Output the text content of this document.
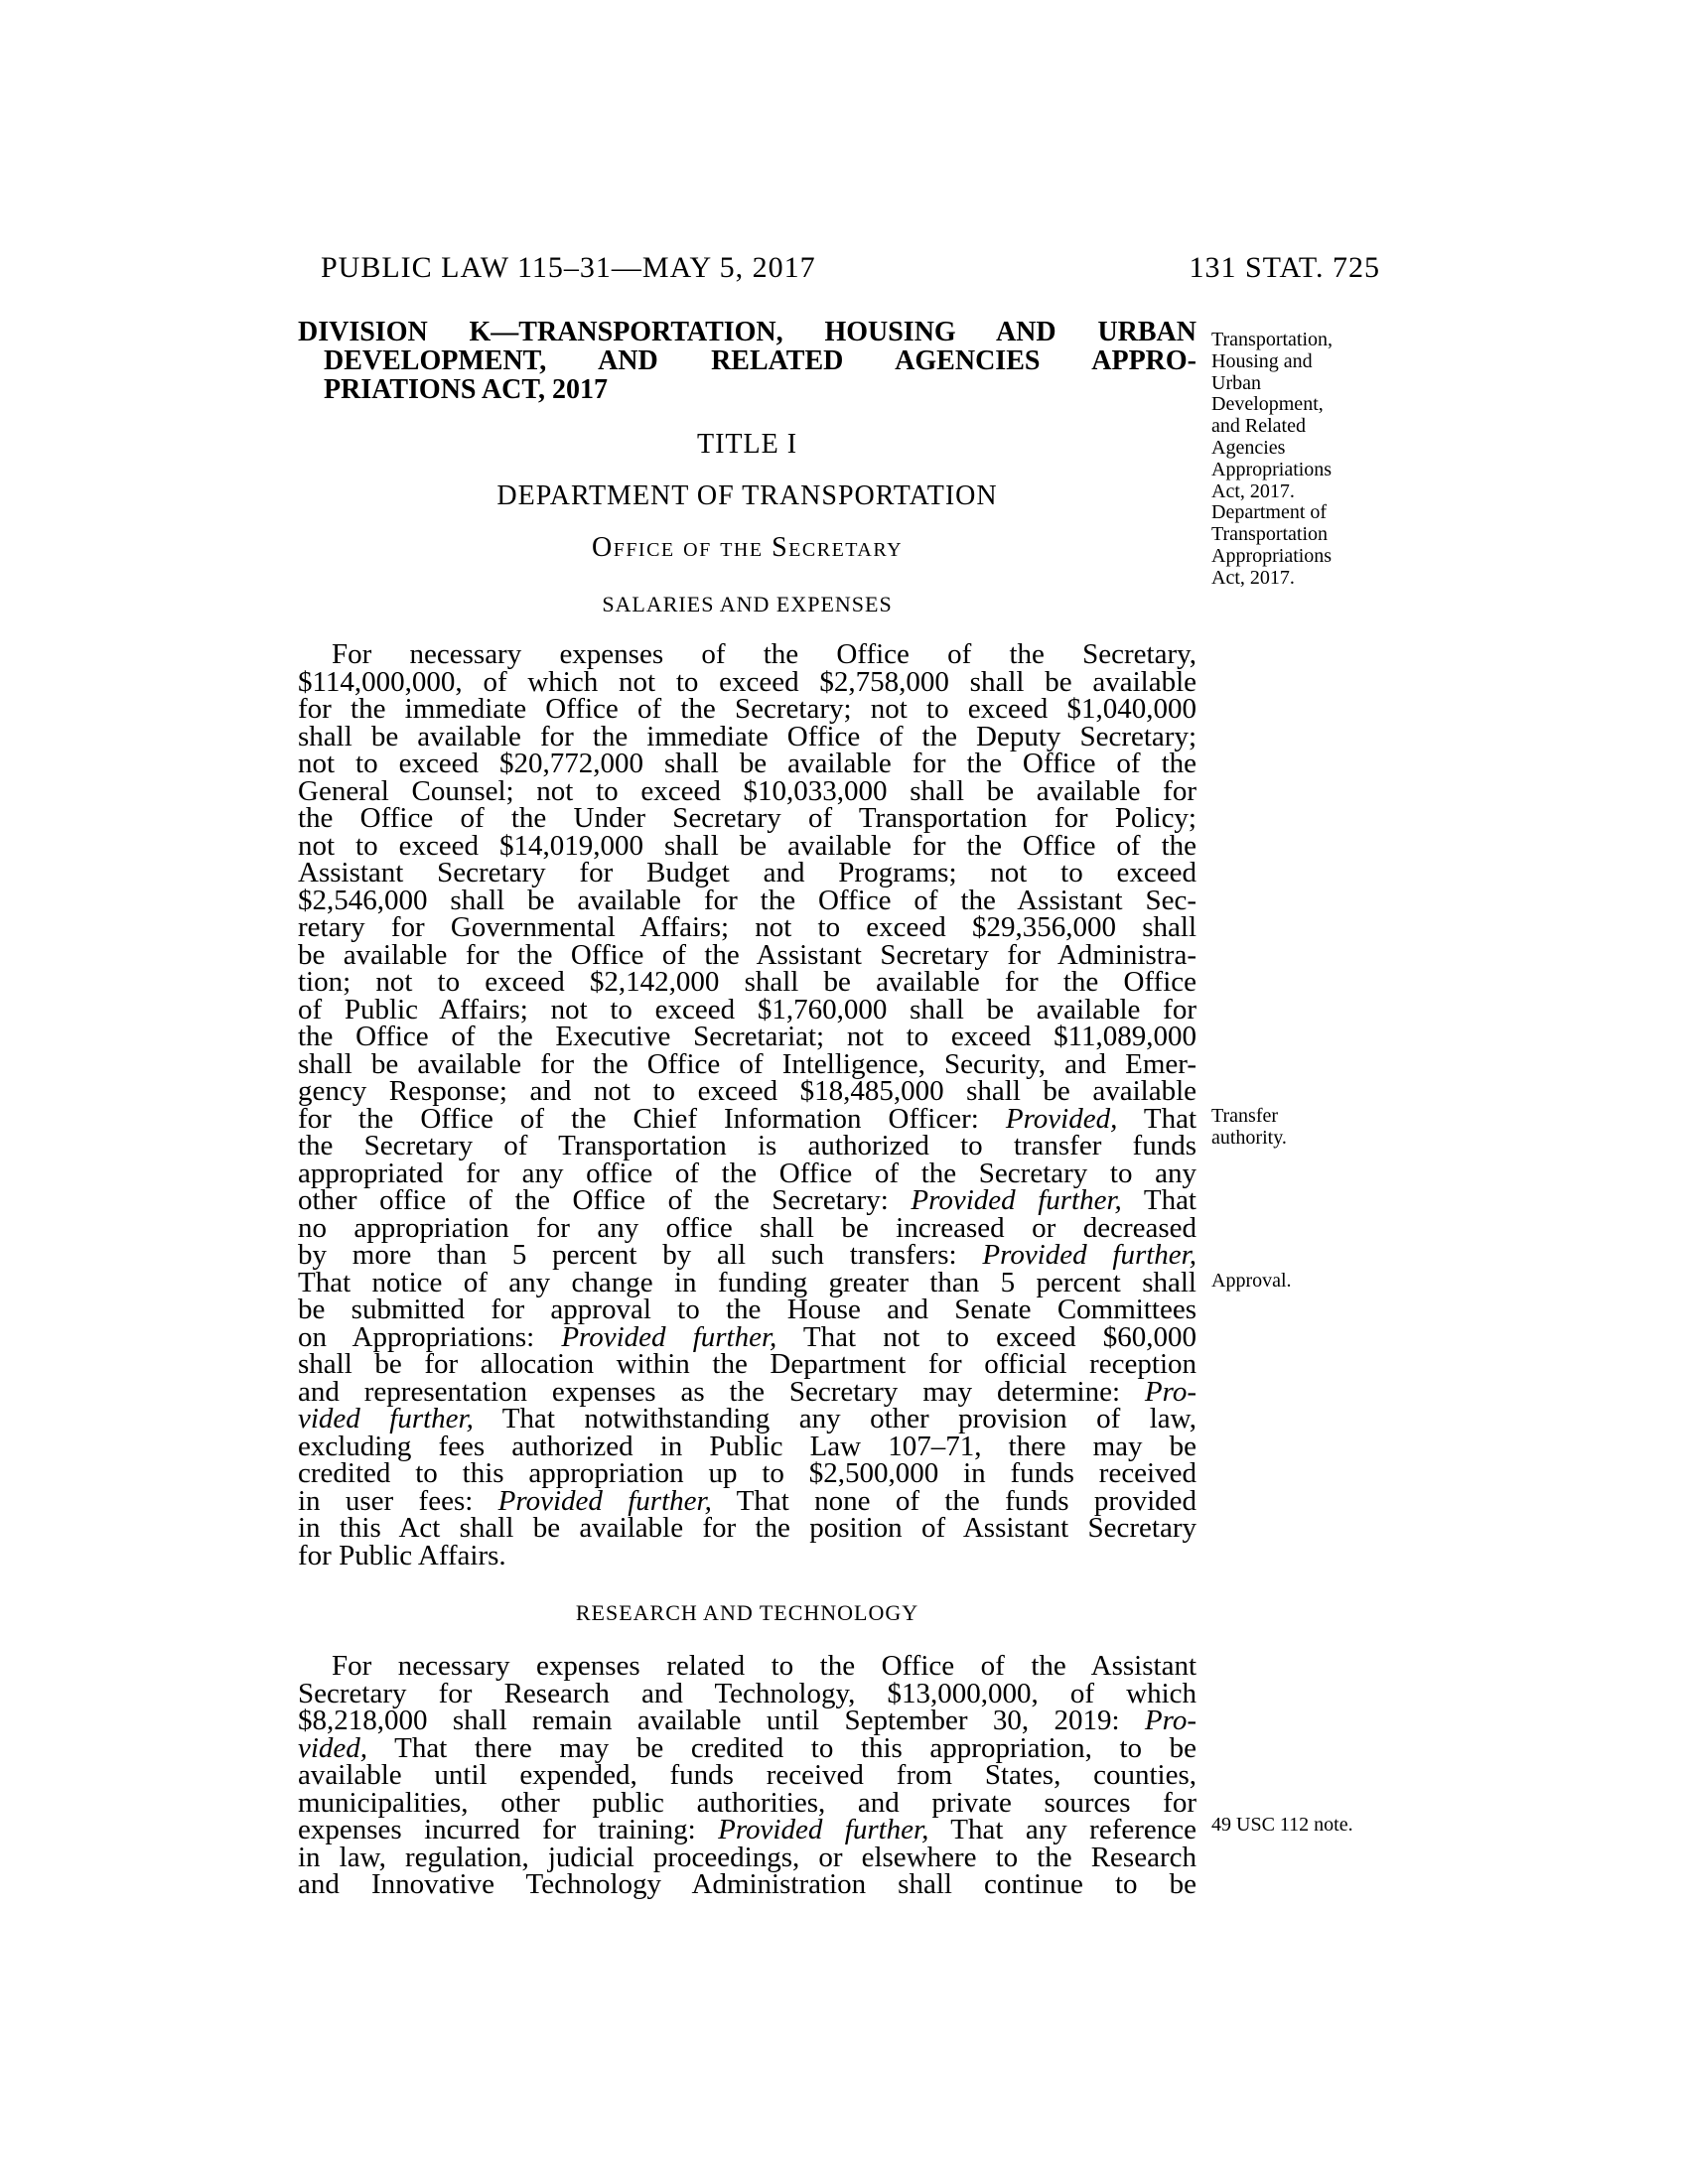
PUBLIC LAW 115–31—MAY 5, 2017	131 STAT. 725
DIVISION K—TRANSPORTATION, HOUSING AND URBAN
DEVELOPMENT, AND RELATED AGENCIES APPRO-
PRIATIONS ACT, 2017
TITLE I
DEPARTMENT OF TRANSPORTATION
Office of the Secretary
SALARIES AND EXPENSES
For necessary expenses of the Office of the Secretary,
$114,000,000, of which not to exceed $2,758,000 shall be available
for the immediate Office of the Secretary; not to exceed $1,040,000
shall be available for the immediate Office of the Deputy Secretary;
not to exceed $20,772,000 shall be available for the Office of the
General Counsel; not to exceed $10,033,000 shall be available for
the Office of the Under Secretary of Transportation for Policy;
not to exceed $14,019,000 shall be available for the Office of the
Assistant Secretary for Budget and Programs; not to exceed
$2,546,000 shall be available for the Office of the Assistant Sec-
retary for Governmental Affairs; not to exceed $29,356,000 shall
be available for the Office of the Assistant Secretary for Administra-
tion; not to exceed $2,142,000 shall be available for the Office
of Public Affairs; not to exceed $1,760,000 shall be available for
the Office of the Executive Secretariat; not to exceed $11,089,000
shall be available for the Office of Intelligence, Security, and Emer-
gency Response; and not to exceed $18,485,000 shall be available
for the Office of the Chief Information Officer: Provided, That
the Secretary of Transportation is authorized to transfer funds
appropriated for any office of the Office of the Secretary to any
other office of the Office of the Secretary: Provided further, That
no appropriation for any office shall be increased or decreased
by more than 5 percent by all such transfers: Provided further,
That notice of any change in funding greater than 5 percent shall
be submitted for approval to the House and Senate Committees
on Appropriations: Provided further, That not to exceed $60,000
shall be for allocation within the Department for official reception
and representation expenses as the Secretary may determine: Pro-
vided further, That notwithstanding any other provision of law,
excluding fees authorized in Public Law 107–71, there may be
credited to this appropriation up to $2,500,000 in funds received
in user fees: Provided further, That none of the funds provided
in this Act shall be available for the position of Assistant Secretary
for Public Affairs.
RESEARCH AND TECHNOLOGY
For necessary expenses related to the Office of the Assistant
Secretary for Research and Technology, $13,000,000, of which
$8,218,000 shall remain available until September 30, 2019: Pro-
vided, That there may be credited to this appropriation, to be
available until expended, funds received from States, counties,
municipalities, other public authorities, and private sources for
expenses incurred for training: Provided further, That any reference
in law, regulation, judicial proceedings, or elsewhere to the Research
and Innovative Technology Administration shall continue to be
Transportation,
Housing and
Urban
Development,
and Related
Agencies
Appropriations
Act, 2017.
Department of
Transportation
Appropriations
Act, 2017.
Transfer
authority.
Approval.
49 USC 112 note.
